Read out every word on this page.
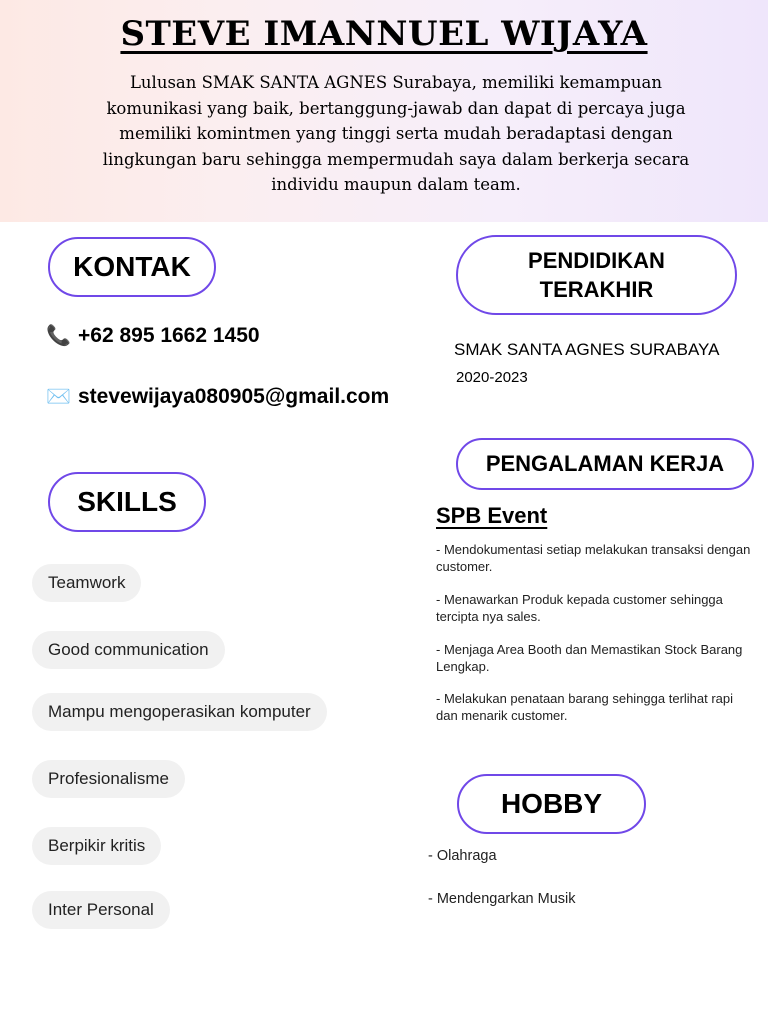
STEVE IMANNUEL WIJAYA

Lulusan SMAK SANTA AGNES Surabaya, memiliki kemampuan komunikasi yang baik, bertanggung-jawab dan dapat di percaya juga memiliki komintmen yang tinggi serta mudah beradaptasi dengan lingkungan baru sehingga mempermudah saya dalam berkerja secara individu maupun dalam team.

KONTAK
📞 +62 895 1662 1450
✉️ stevewijaya080905@gmail.com
SKILLS
Teamwork
Good communication
Mampu mengoperasikan komputer
Profesionalisme
Berpikir kritis
Inter Personal
PENDIDIKAN
TERAKHIR
SMAK SANTA AGNES SURABAYA
2020-2023
PENGALAMAN KERJA
SPB Event
- Mendokumentasi setiap melakukan transaksi dengan customer.
- Menawarkan Produk kepada customer sehingga tercipta nya sales.
- Menjaga Area Booth dan Memastikan Stock Barang Lengkap.
- Melakukan penataan barang sehingga terlihat rapi dan menarik customer.
HOBBY
- Olahraga
- Mendengarkan Musik
